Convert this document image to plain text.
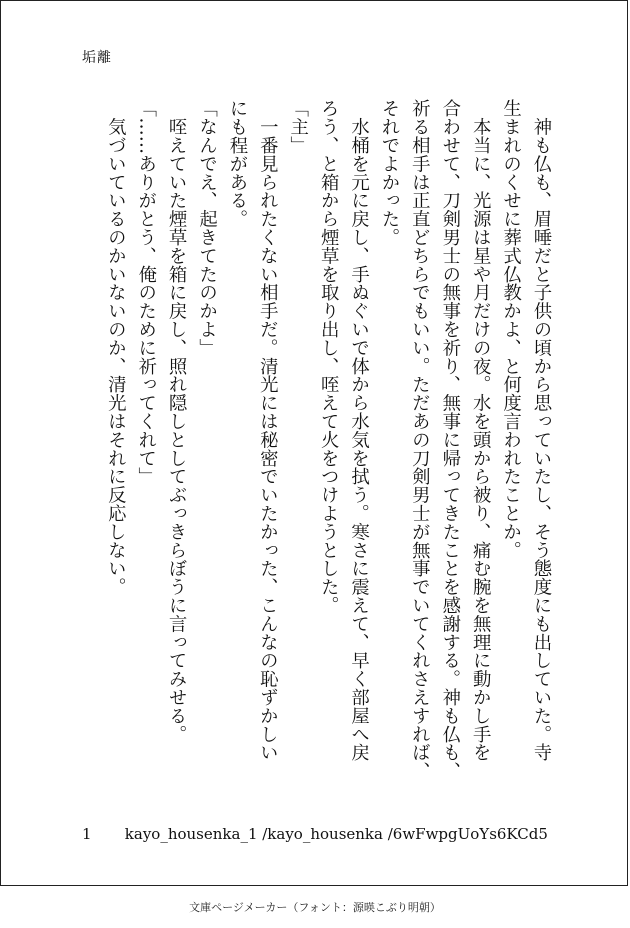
垢離

　神も仏も、眉唾だと子供の頃から思っていたし、そう態度にも出していた。寺

生まれのくせに葬式仏教かよ、と何度言われたことか。

　本当に、光源は星や月だけの夜。水を頭から被り、痛む腕を無理に動かし手を

合わせて、刀剣男士の無事を祈り、無事に帰ってきたことを感謝する。神も仏も、

祈る相手は正直どちらでもいい。ただあの刀剣男士が無事でいてくれさえすれば、

それでよかった。

　水桶を元に戻し、手ぬぐいで体から水気を拭う。寒さに震えて、早く部屋へ戻

ろう、と箱から煙草を取り出し、咥えて火をつけようとした。

「主」

　一番見られたくない相手だ。清光には秘密でいたかった、こんなの恥ずかしい

にも程がある。

「なんでえ、起きてたのかよ」

　咥えていた煙草を箱に戻し、照れ隠しとしてぶっきらぼうに言ってみせる。

「……ありがとう、俺のために祈ってくれて」

　気づいているのかいないのか、清光はそれに反応しない。

1 kayo_housenka_1 /kayo_housenka /6wFwpgUoYs6KCd5
文庫ページメーカー（フォント：源暎こぶり明朝）
